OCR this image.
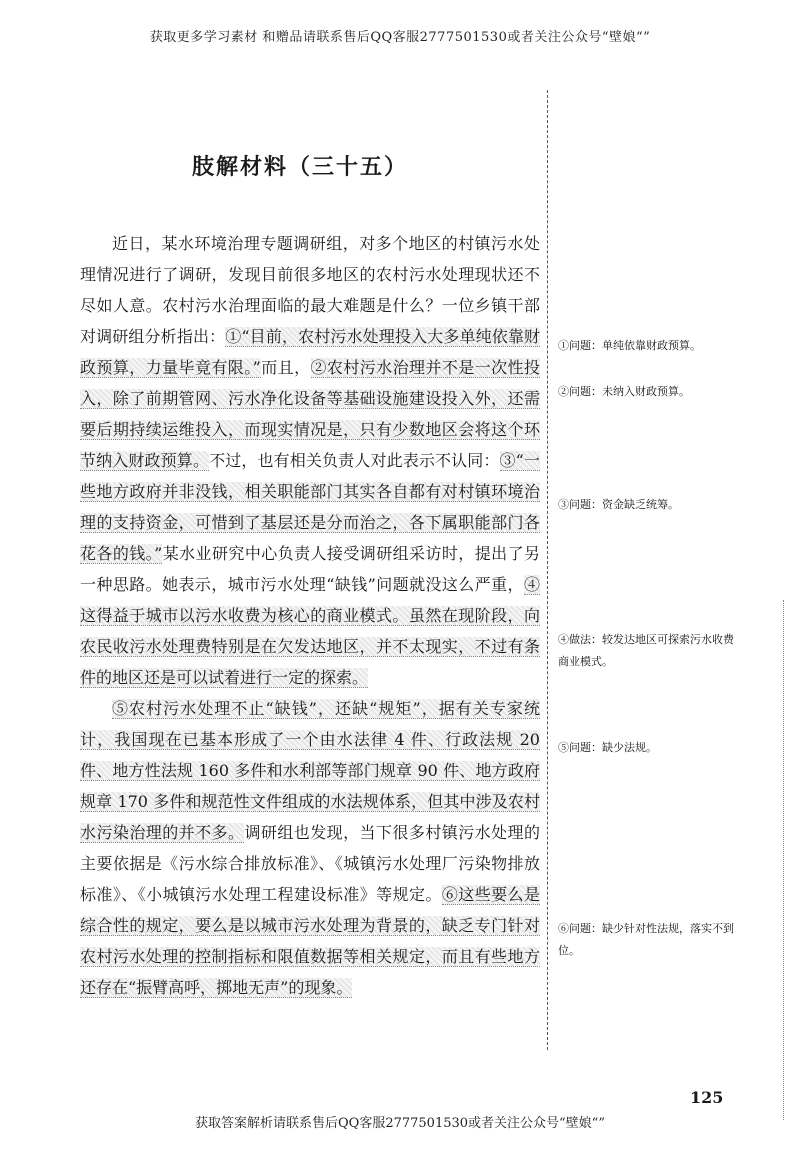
获取更多学习素材 和赠品请联系售后QQ客服2777501530或者关注公众号“壁娘“”
肢解材料（三十五）

近日，某水环境治理专题调研组，对多个地区的村镇污水处理情况进行了调研，发现目前很多地区的农村污水处理现状还不尽如人意。农村污水治理面临的最大难题是什么？一位乡镇干部对调研组分析指出：①“目前，农村污水处理投入大多单纯依靠财政预算，力量毕竟有限。”而且，②农村污水治理并不是一次性投入，除了前期管网、污水净化设备等基础设施建设投入外，还需要后期持续运维投入，而现实情况是，只有少数地区会将这个环节纳入财政预算。不过，也有相关负责人对此表示不认同：③“一些地方政府并非没钱，相关职能部门其实各自都有对村镇环境治理的支持资金，可惜到了基层还是分而治之，各下属职能部门各花各的钱。”某水业研究中心负责人接受调研组采访时，提出了另一种思路。她表示，城市污水处理“缺钱”问题就没这么严重，④这得益于城市以污水收费为核心的商业模式。虽然在现阶段，向农民收污水处理费特别是在欠发达地区，并不太现实，不过有条件的地区还是可以试着进行一定的探索。

⑤农村污水处理不止“缺钱”，还缺“规矩”，据有关专家统计，我国现在已基本形成了一个由水法律 4 件、行政法规 20 件、地方性法规 160 多件和水利部等部门规章 90 件、地方政府规章 170 多件和规范性文件组成的水法规体系，但其中涉及农村水污染治理的并不多。调研组也发现，当下很多村镇污水处理的主要依据是《污水综合排放标准》、《城镇污水处理厂污染物排放标准》、《小城镇污水处理工程建设标准》等规定。⑥这些要么是综合性的规定，要么是以城市污水处理为背景的，缺乏专门针对农村污水处理的控制指标和限值数据等相关规定，而且有些地方还存在“振臂高呼，掷地无声”的现象。

①问题：单纯依靠财政预算。
②问题：未纳入财政预算。
③问题：资金缺乏统筹。
④做法：较发达地区可探索污水收费商业模式。
⑤问题：缺少法规。
⑥问题：缺少针对性法规，落实不到位。
125
获取答案解析请联系售后QQ客服2777501530或者关注公众号“壁娘“”
